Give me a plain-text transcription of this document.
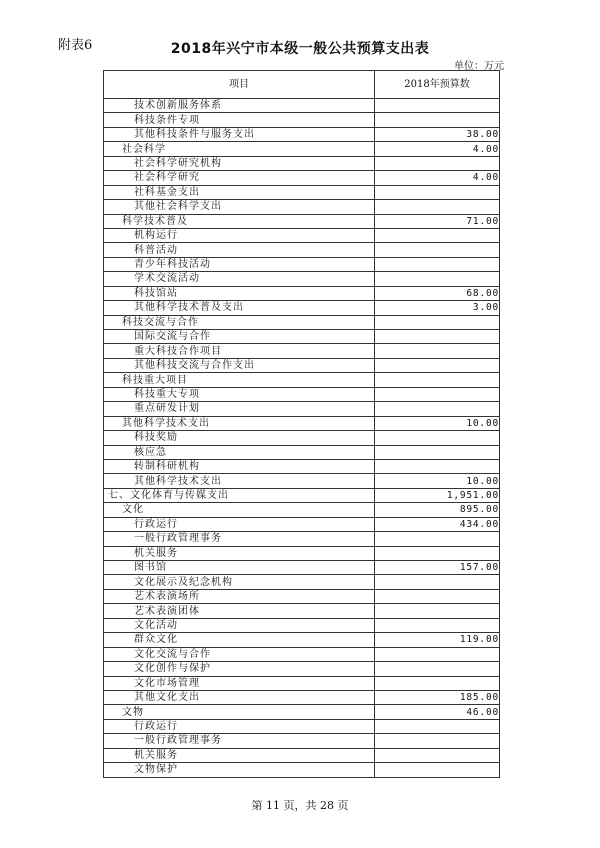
附表6	2018年兴宁市本级一般公共预算支出表
单位：万元
项目	2018年预算数
技术创新服务体系	
科技条件专项	
其他科技条件与服务支出	38.00
社会科学	4.00
社会科学研究机构	
社会科学研究	4.00
社科基金支出	
其他社会科学支出	
科学技术普及	71.00
机构运行	
科普活动	
青少年科技活动	
学术交流活动	
科技馆站	68.00
其他科学技术普及支出	3.00
科技交流与合作	
国际交流与合作	
重大科技合作项目	
其他科技交流与合作支出	
科技重大项目	
科技重大专项	
重点研发计划	
其他科学技术支出	10.00
科技奖励	
核应急	
转制科研机构	
其他科学技术支出	10.00
七、文化体育与传媒支出	1,951.00
文化	895.00
行政运行	434.00
一般行政管理事务	
机关服务	
图书馆	157.00
文化展示及纪念机构	
艺术表演场所	
艺术表演团体	
文化活动	
群众文化	119.00
文化交流与合作	
文化创作与保护	
文化市场管理	
其他文化支出	185.00
文物	46.00
行政运行	
一般行政管理事务	
机关服务	
文物保护	
第 11 页，共 28 页
